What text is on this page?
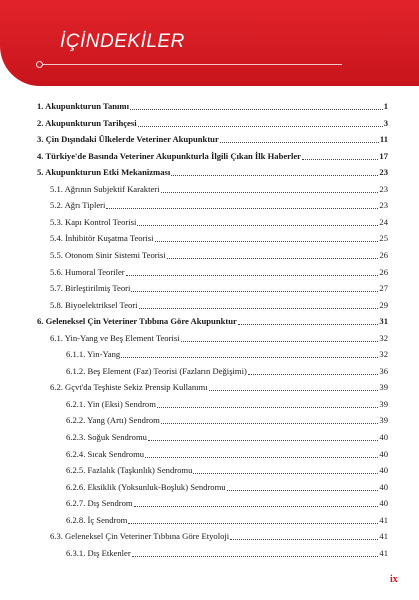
İÇİNDEKİLER
1. Akupunkturun Tanımı	1
2. Akupunkturun Tarihçesi	3
3. Çin Dışındaki Ülkelerde Veteriner Akupunktur	11
4. Türkiye'de Basında Veteriner Akupunkturla İlgili Çıkan İlk Haberler	17
5. Akupunkturun Etki Mekanizması	23
5.1. Ağrının Subjektif Karakteri	23
5.2. Ağrı Tipleri	23
5.3. Kapı Kontrol Teorisi	24
5.4. İnhibitör Kuşatma Teorisi	25
5.5. Otonom Sinir Sistemi Teorisi	26
5.6. Humoral Teoriler	26
5.7. Birleştirilmiş Teori	27
5.8. Biyoelektriksel Teori	29
6. Geleneksel Çin Veteriner Tıbbına Göre Akupunktur	31
6.1. Yin-Yang ve Beş Element Teorisi	32
6.1.1. Yin-Yang	32
6.1.2. Beş Element (Faz) Teorisi (Fazların Değişimi)	36
6.2. Gçvt'da Teşhiste Sekiz Prensip Kullanımı	39
6.2.1. Yin (Eksi) Sendrom	39
6.2.2. Yang (Artı) Sendrom	39
6.2.3. Soğuk Sendromu	40
6.2.4. Sıcak Sendromu	40
6.2.5. Fazlalık (Taşkınlık) Sendromu	40
6.2.6. Eksiklik (Yoksunluk-Boşluk) Sendromu	40
6.2.7. Dış Sendrom	40
6.2.8. İç Sendrom	41
6.3. Geleneksel Çin Veteriner Tıbbına Göre Etyoloji	41
6.3.1. Dış Etkenler	41
ix
